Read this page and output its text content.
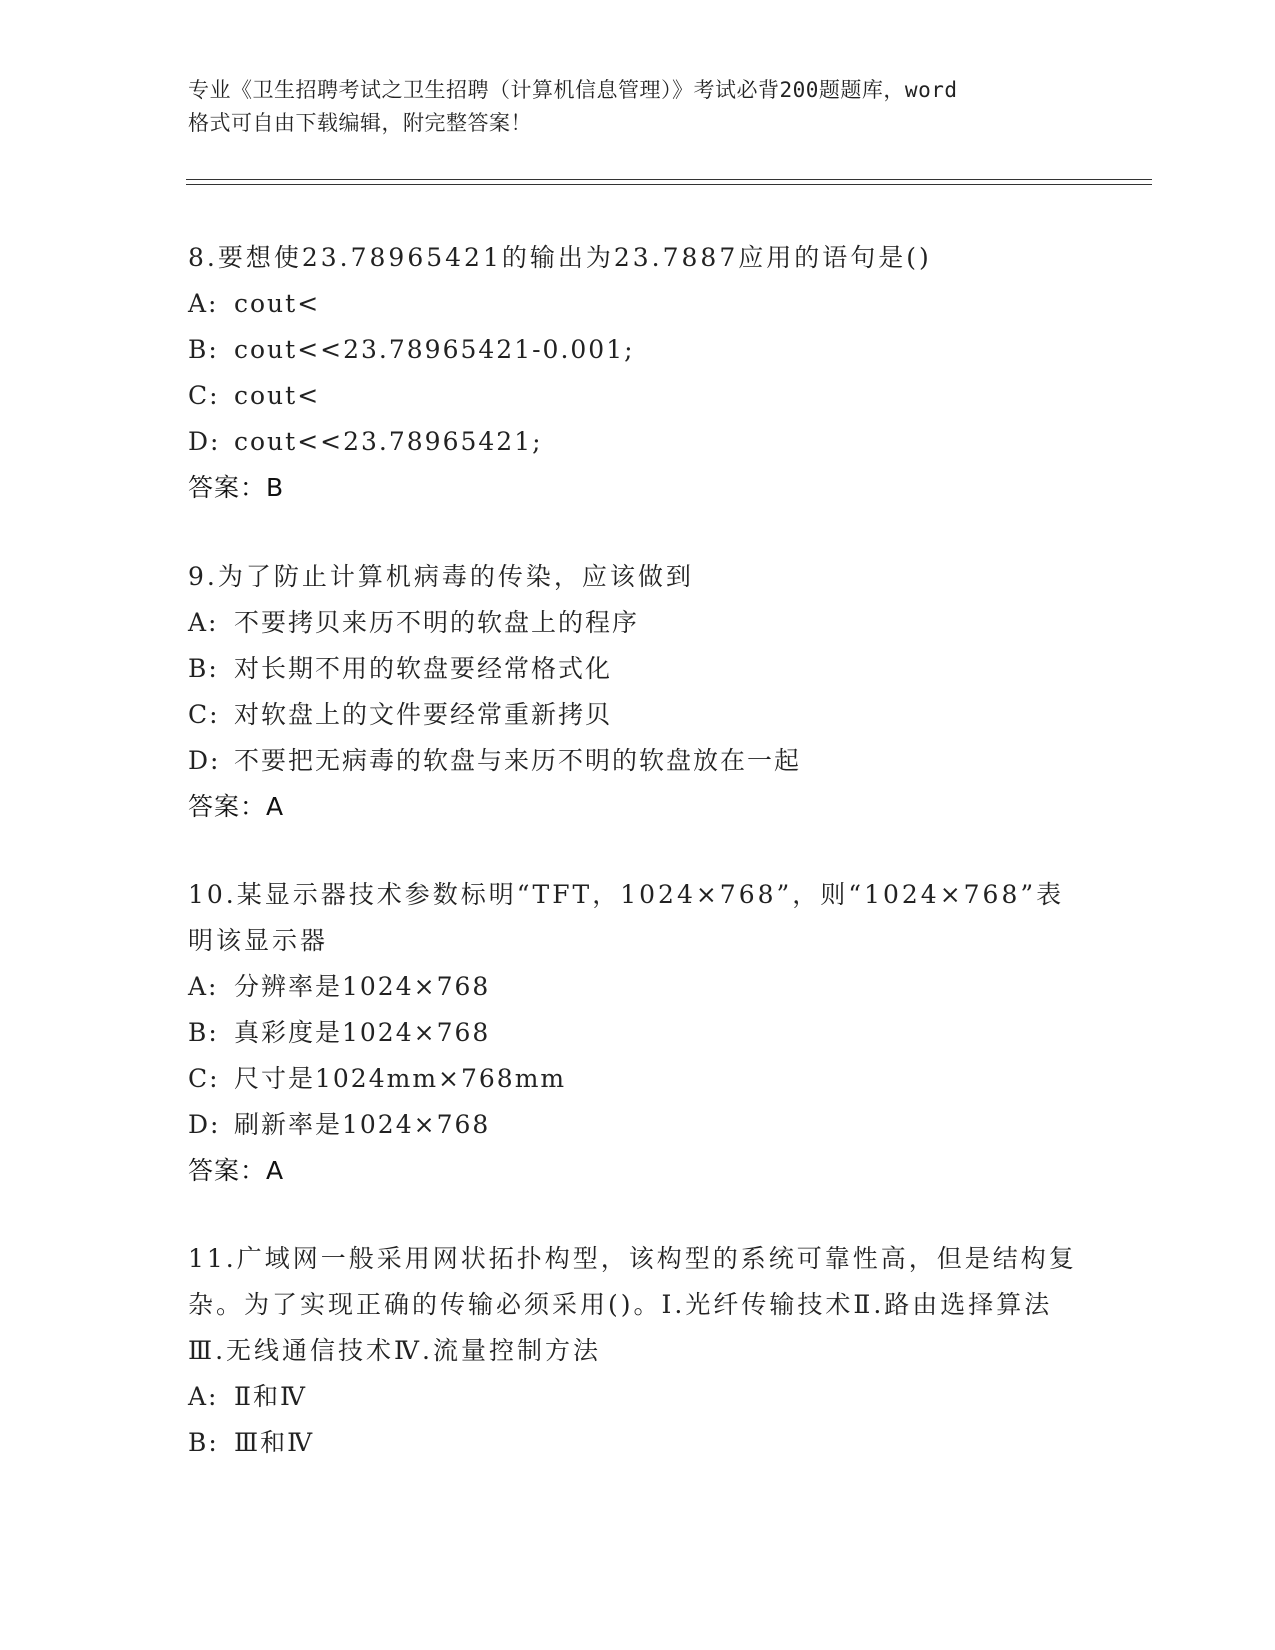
专业《卫生招聘考试之卫生招聘（计算机信息管理）》考试必背200题题库，word
格式可自由下载编辑，附完整答案！

8.要想使23.78965421的输出为23.7887应用的语句是()

A: cout<

B: cout<<23.78965421-0.001;

C: cout<

D: cout<<23.78965421;

答案：B

9.为了防止计算机病毒的传染，应该做到

A: 不要拷贝来历不明的软盘上的程序

B: 对长期不用的软盘要经常格式化

C: 对软盘上的文件要经常重新拷贝

D: 不要把无病毒的软盘与来历不明的软盘放在一起

答案：A

10.某显示器技术参数标明“TFT，1024×768”，则“1024×768”表明该显示器

A: 分辨率是1024×768

B: 真彩度是1024×768

C: 尺寸是1024mm×768mm

D: 刷新率是1024×768

答案：A

11.广域网一般采用网状拓扑构型，该构型的系统可靠性高，但是结构复杂。为了实现正确的传输必须采用()。Ⅰ.光纤传输技术Ⅱ.路由选择算法Ⅲ.无线通信技术Ⅳ.流量控制方法

A: Ⅱ和Ⅳ

B: Ⅲ和Ⅳ
